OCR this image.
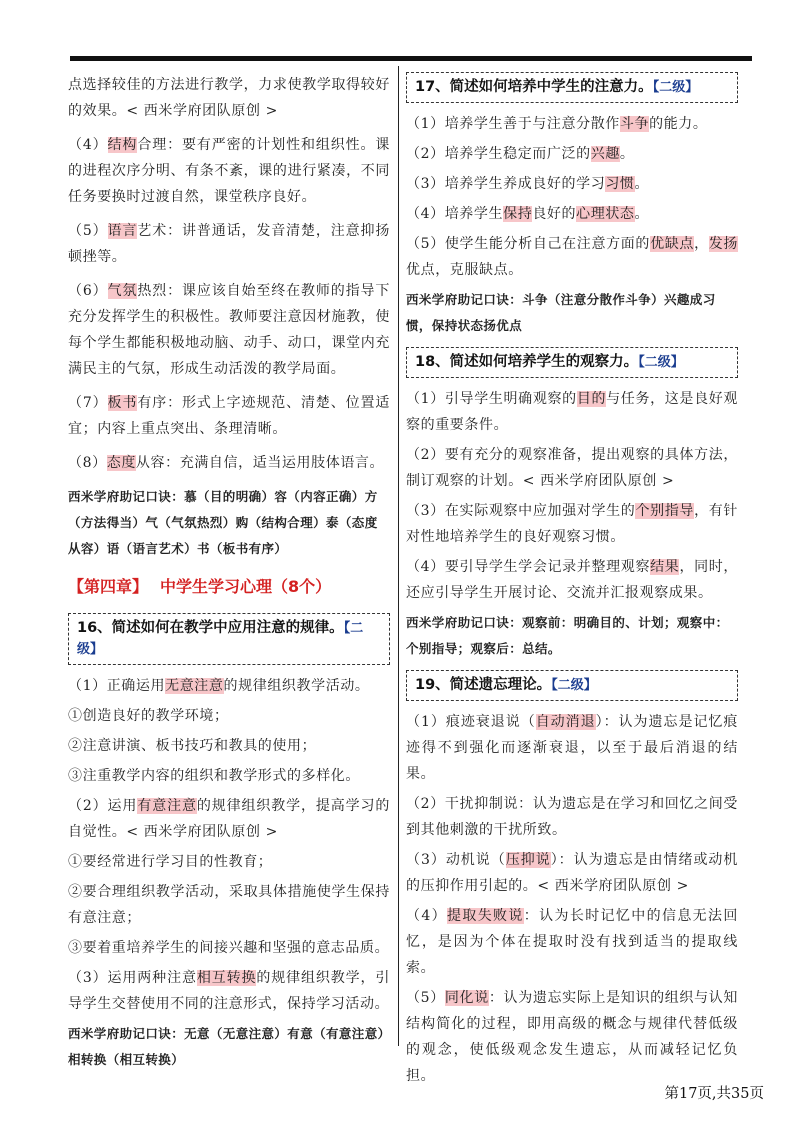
点选择较佳的方法进行教学，力求使教学取得较好的效果。< 西米学府团队原创 >

（4）结构合理：要有严密的计划性和组织性。课的进程次序分明、有条不紊，课的进行紧凑，不同任务要换时过渡自然，课堂秩序良好。

（5）语言艺术：讲普通话，发音清楚，注意抑扬顿挫等。

（6）气氛热烈：课应该自始至终在教师的指导下充分发挥学生的积极性。教师要注意因材施教，使每个学生都能积极地动脑、动手、动口，课堂内充满民主的气氛，形成生动活泼的教学局面。

（7）板书有序：形式上字迹规范、清楚、位置适宜；内容上重点突出、条理清晰。

（8）态度从容：充满自信，适当运用肢体语言。

西米学府助记口诀：慕（目的明确）容（内容正确）方（方法得当）气（气氛热烈）购（结构合理）泰（态度从容）语（语言艺术）书（板书有序）

【第四章】 中学生学习心理（8个）
16、简述如何在教学中应用注意的规律。【二级】

（1）正确运用无意注意的规律组织教学活动。

①创造良好的教学环境；

②注意讲演、板书技巧和教具的使用；

③注重教学内容的组织和教学形式的多样化。

（2）运用有意注意的规律组织教学，提高学习的自觉性。< 西米学府团队原创 >

①要经常进行学习目的性教育；

②要合理组织教学活动，采取具体措施使学生保持有意注意；

③要着重培养学生的间接兴趣和坚强的意志品质。

（3）运用两种注意相互转换的规律组织教学，引导学生交替使用不同的注意形式，保持学习活动。

西米学府助记口诀：无意（无意注意）有意（有意注意）相转换（相互转换）

17、简述如何培养中学生的注意力。【二级】

（1）培养学生善于与注意分散作斗争的能力。

（2）培养学生稳定而广泛的兴趣。

（3）培养学生养成良好的学习习惯。

（4）培养学生保持良好的心理状态。

（5）使学生能分析自己在注意方面的优缺点，发扬优点，克服缺点。

西米学府助记口诀：斗争（注意分散作斗争）兴趣成习惯，保持状态扬优点

18、简述如何培养学生的观察力。【二级】

（1）引导学生明确观察的目的与任务，这是良好观察的重要条件。

（2）要有充分的观察准备，提出观察的具体方法，制订观察的计划。< 西米学府团队原创 >

（3）在实际观察中应加强对学生的个别指导，有针对性地培养学生的良好观察习惯。

（4）要引导学生学会记录并整理观察结果，同时，还应引导学生开展讨论、交流并汇报观察成果。

西米学府助记口诀：观察前：明确目的、计划；观察中：个别指导；观察后：总结。

19、简述遗忘理论。【二级】

（1）痕迹衰退说（自动消退）：认为遗忘是记忆痕迹得不到强化而逐渐衰退，以至于最后消退的结果。

（2）干扰抑制说：认为遗忘是在学习和回忆之间受到其他刺激的干扰所致。

（3）动机说（压抑说）：认为遗忘是由情绪或动机的压抑作用引起的。< 西米学府团队原创 >

（4）提取失败说：认为长时记忆中的信息无法回忆，是因为个体在提取时没有找到适当的提取线索。

（5）同化说：认为遗忘实际上是知识的组织与认知结构简化的过程，即用高级的概念与规律代替低级的观念，使低级观念发生遗忘，从而减轻记忆负担。

第17页,共35页
